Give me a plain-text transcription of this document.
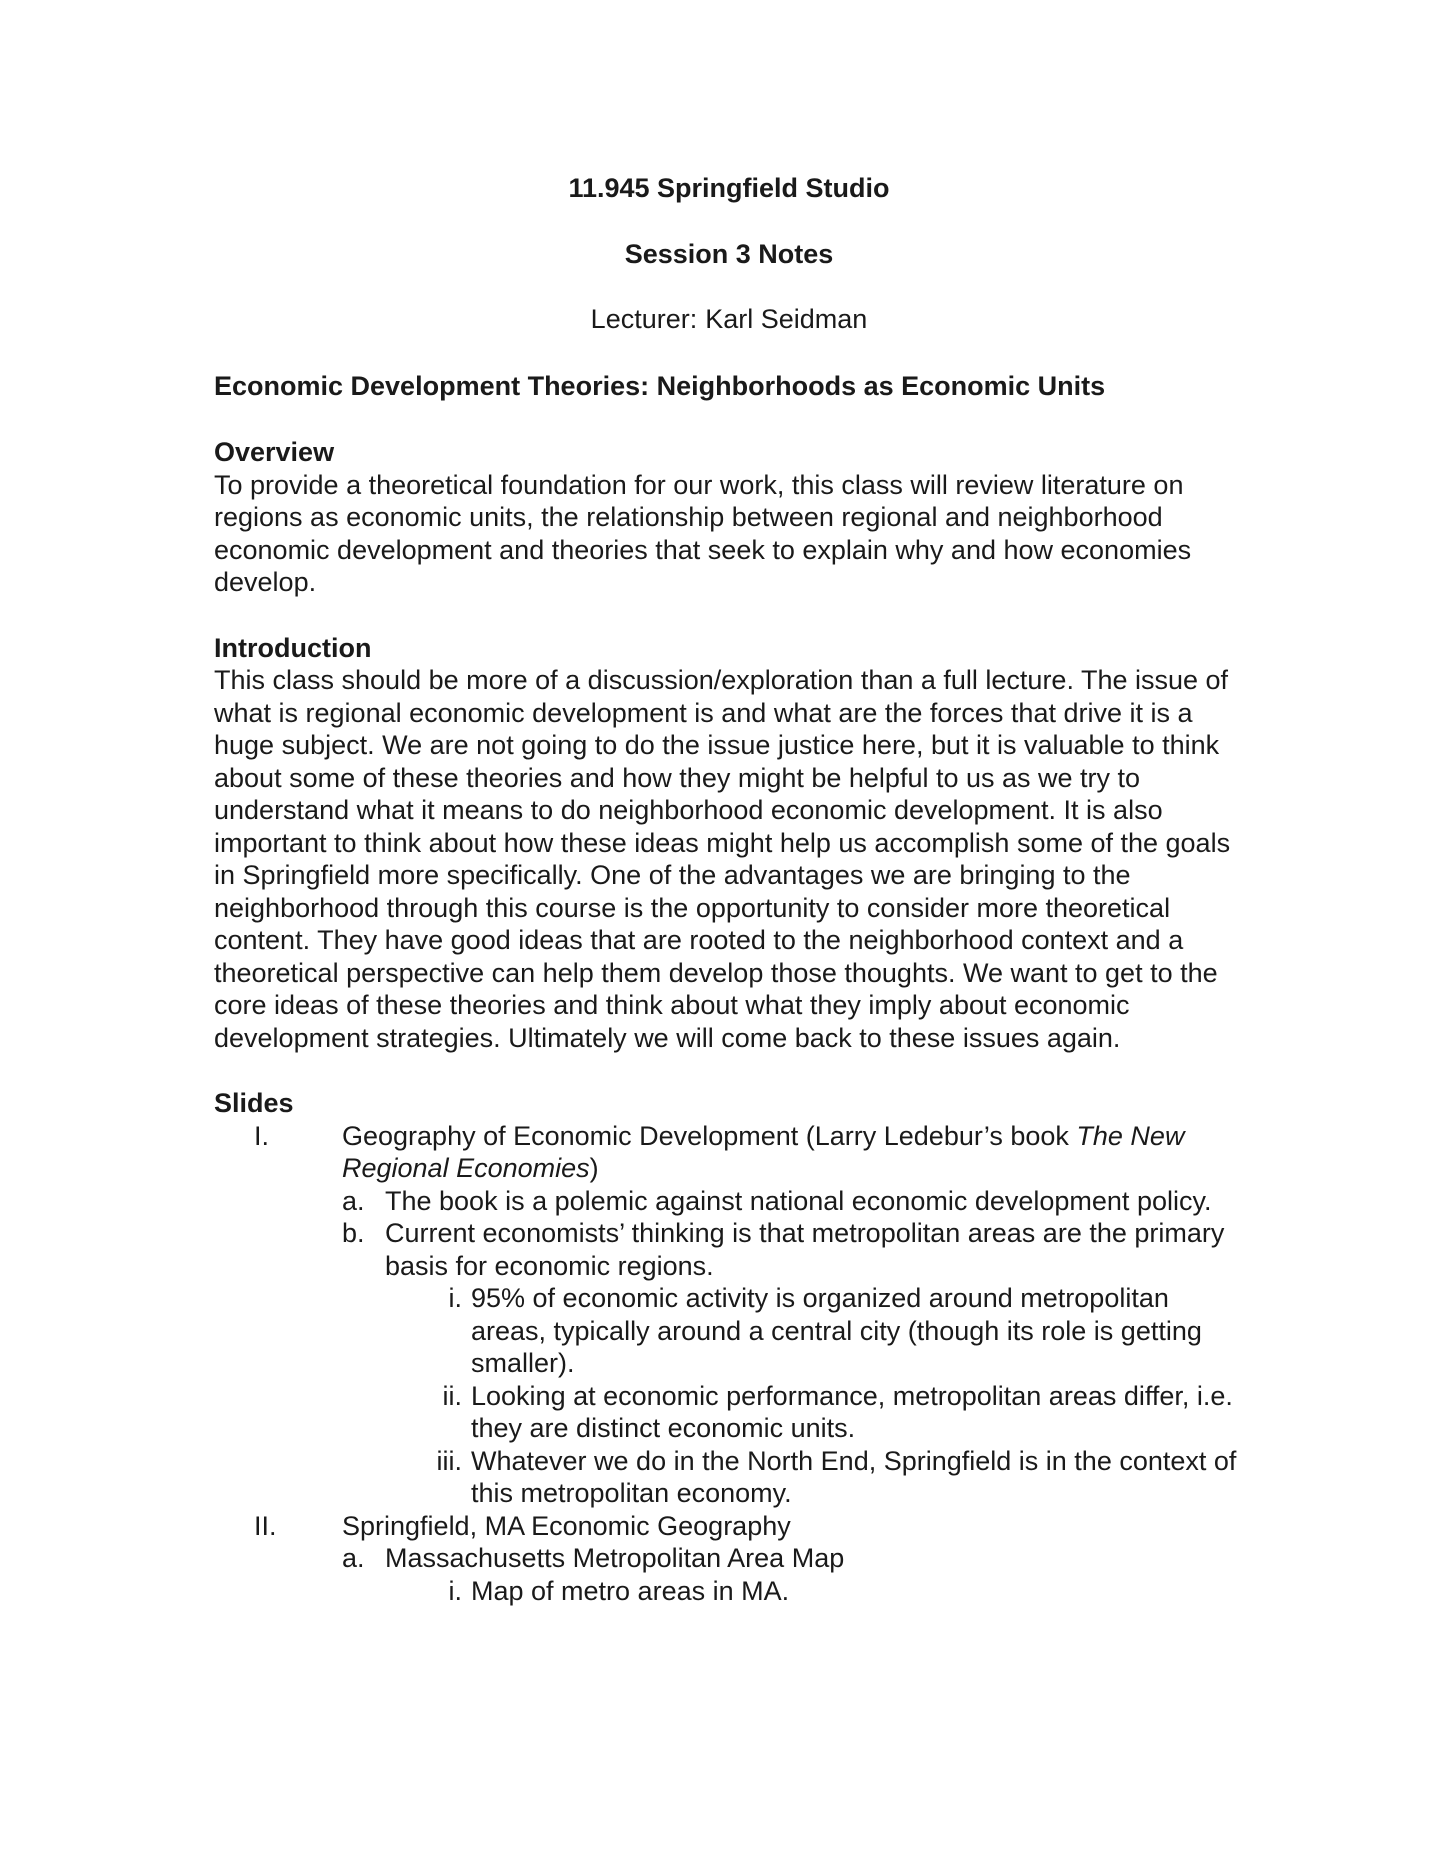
11.945 Springfield Studio
Session 3 Notes
Lecturer: Karl Seidman
Economic Development Theories: Neighborhoods as Economic Units
Overview

To provide a theoretical foundation for our work, this class will review literature on regions as economic units, the relationship between regional and neighborhood economic development and theories that seek to explain why and how economies develop.

Introduction

This class should be more of a discussion/exploration than a full lecture. The issue of what is regional economic development is and what are the forces that drive it is a huge subject. We are not going to do the issue justice here, but it is valuable to think about some of these theories and how they might be helpful to us as we try to understand what it means to do neighborhood economic development. It is also important to think about how these ideas might help us accomplish some of the goals in Springfield more specifically. One of the advantages we are bringing to the neighborhood through this course is the opportunity to consider more theoretical content. They have good ideas that are rooted to the neighborhood context and a theoretical perspective can help them develop those thoughts. We want to get to the core ideas of these theories and think about what they imply about economic development strategies. Ultimately we will come back to these issues again.

Slides
I.	Geography of Economic Development (Larry Ledebur’s book The New Regional Economies)
a. The book is a polemic against national economic development policy.
b. Current economists’ thinking is that metropolitan areas are the primary basis for economic regions.
i. 95% of economic activity is organized around metropolitan areas, typically around a central city (though its role is getting smaller).
ii. Looking at economic performance, metropolitan areas differ, i.e. they are distinct economic units.
iii. Whatever we do in the North End, Springfield is in the context of this metropolitan economy.
II.	Springfield, MA Economic Geography
a. Massachusetts Metropolitan Area Map
i. Map of metro areas in MA.
